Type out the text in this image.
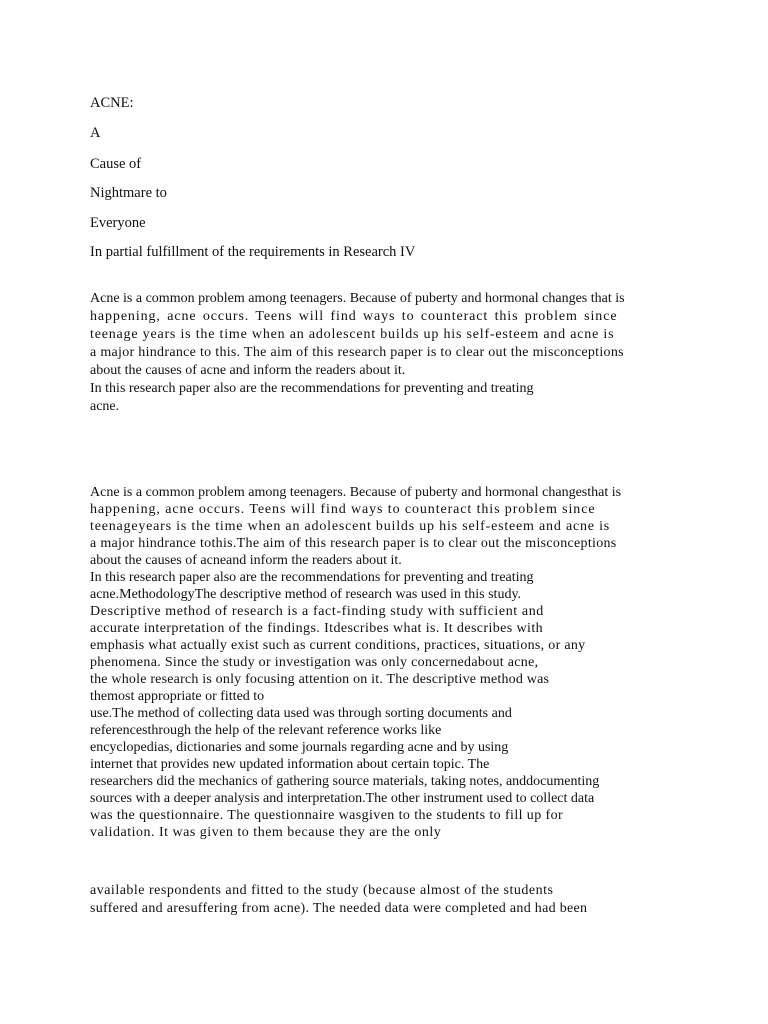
ACNE:

A

Cause of

Nightmare to

Everyone

In partial fulfillment of the requirements in Research IV

Acne is a common problem among teenagers. Because of puberty and hormonal changes that is
happening, acne occurs. Teens will find ways to counteract this problem since
teenage years is the time when an adolescent builds up his self-esteem and acne is
a major hindrance to this. The aim of this research paper is to clear out the misconceptions
about the causes of acne and inform the readers about it.
In this research paper also are the recommendations for preventing and treating
acne.
Acne is a common problem among teenagers. Because of puberty and hormonal changesthat is
happening, acne occurs. Teens will find ways to counteract this problem since
teenageyears is the time when an adolescent builds up his self-esteem and acne is
a major hindrance tothis.The aim of this research paper is to clear out the misconceptions
about the causes of acneand inform the readers about it.
In this research paper also are the recommendations for preventing and treating
acne.MethodologyThe descriptive method of research was used in this study.
Descriptive method of research is a fact-finding study with sufficient and
accurate interpretation of the findings. Itdescribes what is. It describes with
emphasis what actually exist such as current conditions, practices, situations, or any
phenomena. Since the study or investigation was only concernedabout acne,
the whole research is only focusing attention on it. The descriptive method was
themost appropriate or fitted to
use.The method of collecting data used was through sorting documents and
referencesthrough the help of the relevant reference works like
encyclopedias, dictionaries and some journals regarding acne and by using
internet that provides new updated information about certain topic. The
researchers did the mechanics of gathering source materials, taking notes, anddocumenting
sources with a deeper analysis and interpretation.The other instrument used to collect data
was the questionnaire. The questionnaire wasgiven to the students to fill up for
validation. It was given to them because they are the only
available respondents and fitted to the study (because almost of the students
suffered and aresuffering from acne). The needed data were completed and had been
